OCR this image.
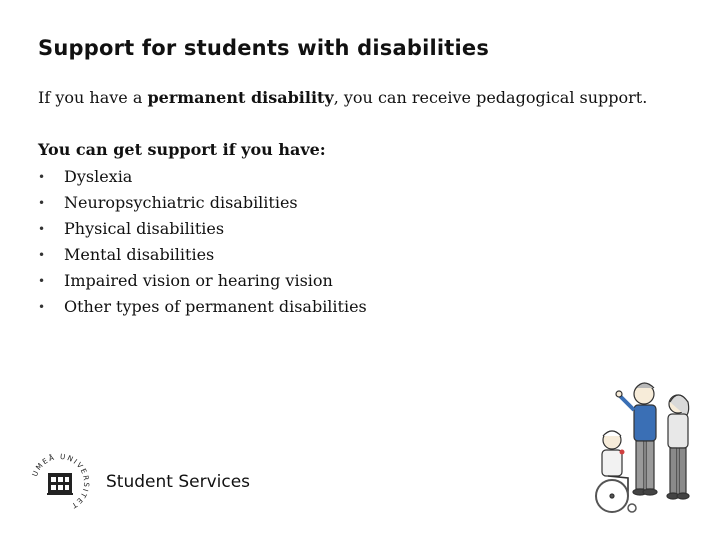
Support for students with disabilities

If you have a permanent disability, you can receive pedagogical support.

You can get support if you have:

•	Dyslexia
•	Neuropsychiatric disabilities
•	Physical disabilities
•	Mental disabilities
•	Impaired vision or hearing vision
•	Other types of permanent disabilities
UMEÅ UNIVERSITET

Student Services
